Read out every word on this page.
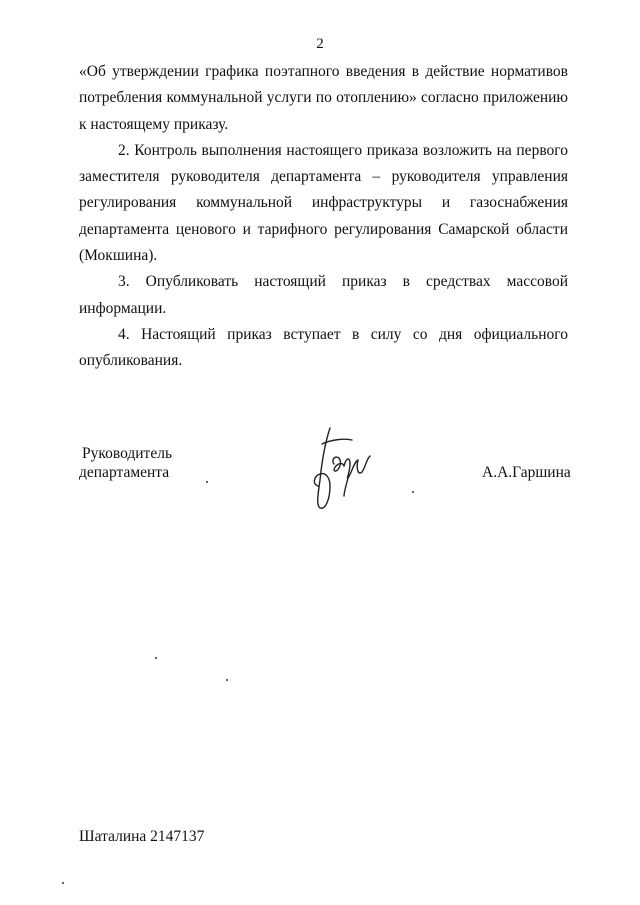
2

«Об утверждении графика поэтапного введения в действие нормативов потребления коммунальной услуги по отоплению» согласно приложению к настоящему приказу.

2. Контроль выполнения настоящего приказа возложить на первого заместителя руководителя департамента – руководителя управления регулирования коммунальной инфраструктуры и газоснабжения департамента ценового и тарифного регулирования Самарской области (Мокшина).

3. Опубликовать настоящий приказ в средствах массовой информации.

4. Настоящий приказ вступает в силу со дня официального опубликования.

Руководитель
департамента	А.А.Гаршина
Шаталина 2147137
